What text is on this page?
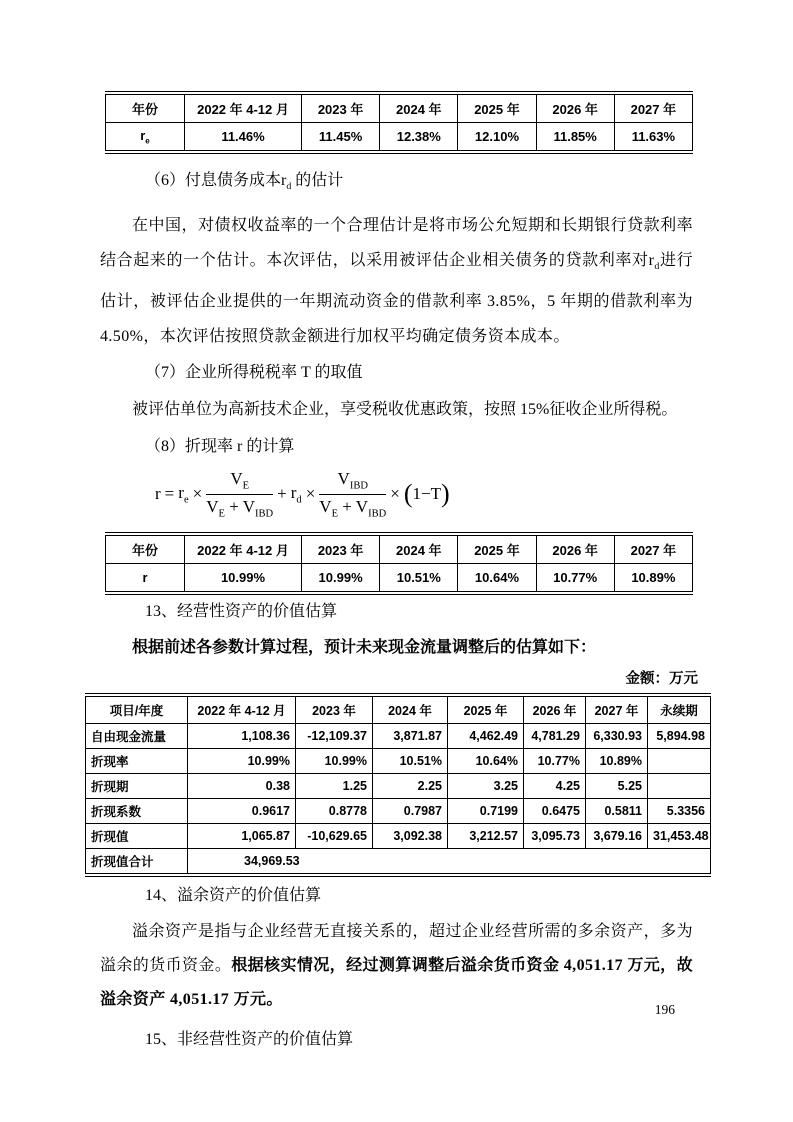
年份	2022 年 4-12 月	2023 年	2024 年	2025 年	2026 年	2027 年
$r_e$	11.46%	11.45%	12.38%	12.10%	11.85%	11.63%
（6）付息债务成本$r_d$ 的估计

在中国，对债权收益率的一个合理估计是将市场公允短期和长期银行贷款利率结合起来的一个估计。本次评估，以采用被评估企业相关债务的贷款利率对$r_d$进行估计，被评估企业提供的一年期流动资金的借款利率 3.85%，5 年期的借款利率为 4.50%，本次评估按照贷款金额进行加权平均确定债务资本成本。

（7）企业所得税税率 T 的取值

被评估单位为高新技术企业，享受税收优惠政策，按照 15%征收企业所得税。

（8）折现率 r 的计算
$r = r_e \times \frac{V_E}{V_E + V_{IBD}} + r_d \times \frac{V_{IBD}}{V_E + V_{IBD}}$ × ( 1−T )
年份	2022 年 4-12 月	2023 年	2024 年	2025 年	2026 年	2027 年
r	10.99%	10.99%	10.51%	10.64%	10.77%	10.89%
13、经营性资产的价值估算
根据前述各参数计算过程，预计未来现金流量调整后的估算如下：
金额：万元
项目/年度	2022 年 4-12 月	2023 年	2024 年	2025 年	2026 年	2027 年	永续期
自由现金流量	1,108.36	-12,109.37	3,871.87	4,462.49	4,781.29	6,330.93	5,894.98
折现率	10.99%	10.99%	10.51%	10.64%	10.77%	10.89%	
折现期	0.38	1.25	2.25	3.25	4.25	5.25	
折现系数	0.9617	0.8778	0.7987	0.7199	0.6475	0.5811	5.3356
折现值	1,065.87	-10,629.65	3,092.38	3,212.57	3,095.73	3,679.16	31,453.48
折现值合计	34,969.53						
14、溢余资产的价值估算

溢余资产是指与企业经营无直接关系的，超过企业经营所需的多余资产，多为溢余的货币资金。根据核实情况，经过测算调整后溢余货币资金 4,051.17 万元，故溢余资产 4,051.17 万元。

15、非经营性资产的价值估算
196
